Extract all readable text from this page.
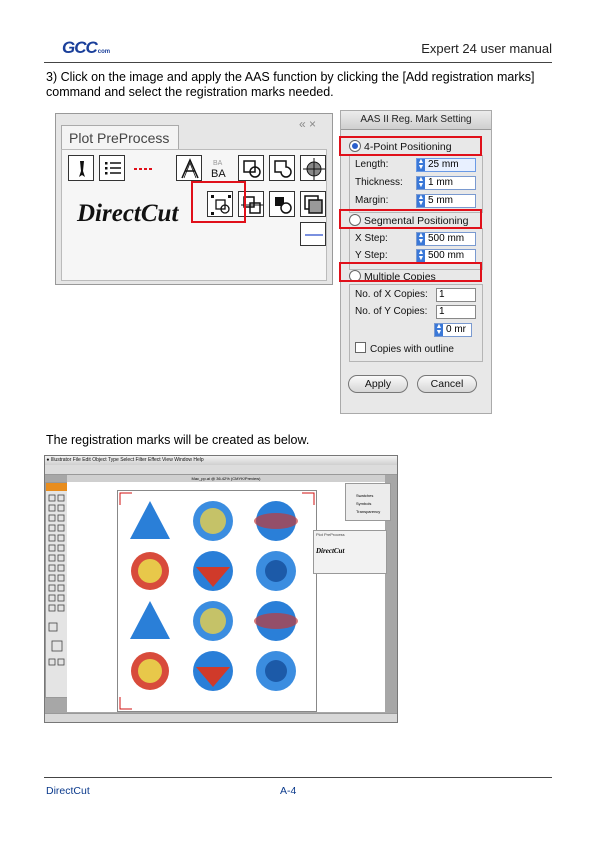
GCCcom	Expert 24 user manual
3) Click on the image and apply the AAS function by clicking the [Add registration marks]
command and select the registration marks needed.
Plot PreProcess
« ×
BA
BA
DirectCut
AAS II Reg. Mark Setting
4-Point Positioning
Length:	▲
▼ 25 mm
Thickness: ▲
▼ 1 mm
Margin:	▲
▼ 5 mm
Segmental Positioning
X Step:	▲
▼ 500 mm
Y Step:	▲
▼ 500 mm
Multiple Copies
No. of X Copies:	1
No. of Y Copies:	1
▲
▼ 0 mr
Copies with outline
Apply	Cancel
The registration marks will be created as below.
● Illustrator File Edit Object Type Select Filter Effect View Window Help
Mac_pp.ai @ 36.42% (CMYK/Preview)
Swatches
Symbols
Transparency
Plot PreProcess
DirectCut
DirectCut	A-4
